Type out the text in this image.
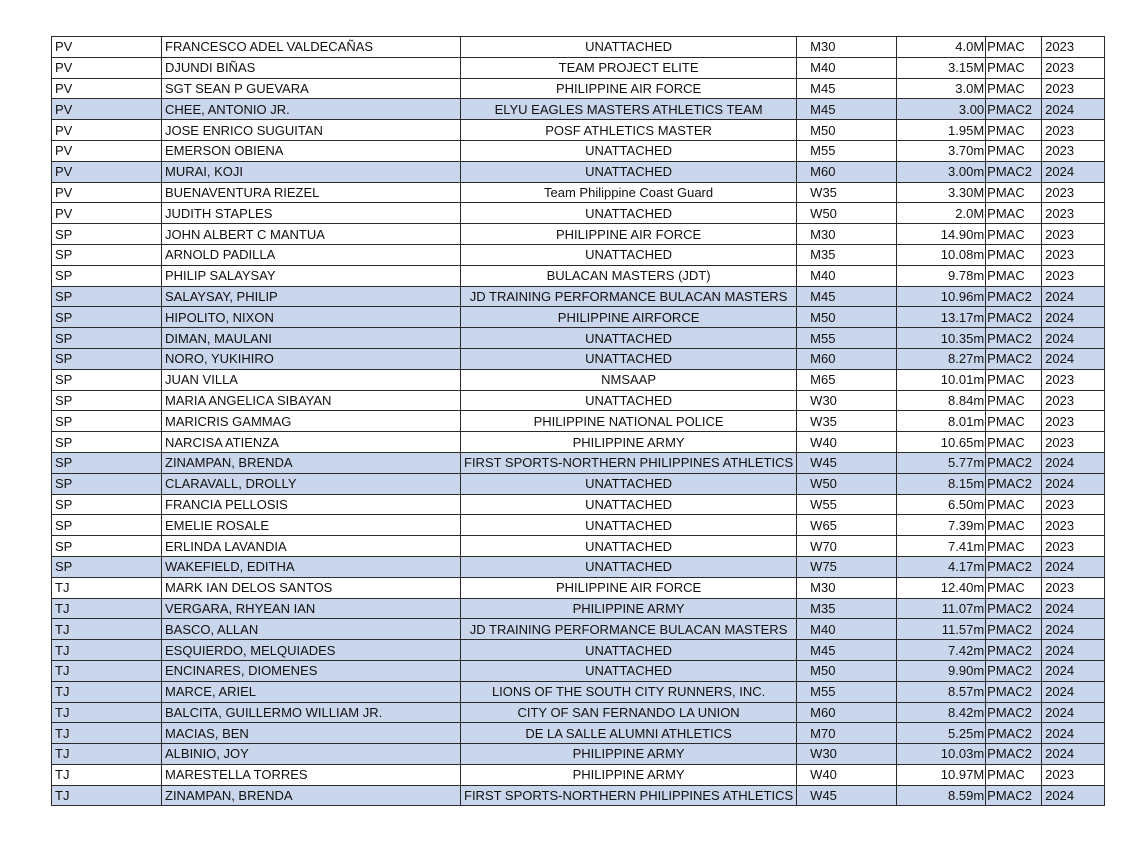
PV	FRANCESCO ADEL VALDECAÑAS	UNATTACHED	M30	4.0M	PMAC	2023
PV	DJUNDI BIÑAS	TEAM PROJECT ELITE	M40	3.15M	PMAC	2023
PV	SGT SEAN P GUEVARA	PHILIPPINE AIR FORCE	M45	3.0M	PMAC	2023
PV	CHEE, ANTONIO JR.	ELYU EAGLES MASTERS ATHLETICS TEAM	M45	3.00	PMAC2	2024
PV	JOSE ENRICO SUGUITAN	POSF ATHLETICS MASTER	M50	1.95M	PMAC	2023
PV	EMERSON OBIENA	UNATTACHED	M55	3.70m	PMAC	2023
PV	MURAI, KOJI	UNATTACHED	M60	3.00m	PMAC2	2024
PV	BUENAVENTURA RIEZEL	Team Philippine Coast Guard	W35	3.30M	PMAC	2023
PV	JUDITH STAPLES	UNATTACHED	W50	2.0M	PMAC	2023
SP	JOHN ALBERT C MANTUA	PHILIPPINE AIR FORCE	M30	14.90m	PMAC	2023
SP	ARNOLD PADILLA	UNATTACHED	M35	10.08m	PMAC	2023
SP	PHILIP SALAYSAY	BULACAN MASTERS (JDT)	M40	9.78m	PMAC	2023
SP	SALAYSAY, PHILIP	JD TRAINING PERFORMANCE BULACAN MASTERS	M45	10.96m	PMAC2	2024
SP	HIPOLITO, NIXON	PHILIPPINE AIRFORCE	M50	13.17m	PMAC2	2024
SP	DIMAN, MAULANI	UNATTACHED	M55	10.35m	PMAC2	2024
SP	NORO, YUKIHIRO	UNATTACHED	M60	8.27m	PMAC2	2024
SP	JUAN VILLA	NMSAAP	M65	10.01m	PMAC	2023
SP	MARIA ANGELICA SIBAYAN	UNATTACHED	W30	8.84m	PMAC	2023
SP	MARICRIS GAMMAG	PHILIPPINE NATIONAL POLICE	W35	8.01m	PMAC	2023
SP	NARCISA ATIENZA	PHILIPPINE ARMY	W40	10.65m	PMAC	2023
SP	ZINAMPAN, BRENDA	FIRST SPORTS-NORTHERN PHILIPPINES ATHLETICS	W45	5.77m	PMAC2	2024
SP	CLARAVALL, DROLLY	UNATTACHED	W50	8.15m	PMAC2	2024
SP	FRANCIA PELLOSIS	UNATTACHED	W55	6.50m	PMAC	2023
SP	EMELIE ROSALE	UNATTACHED	W65	7.39m	PMAC	2023
SP	ERLINDA LAVANDIA	UNATTACHED	W70	7.41m	PMAC	2023
SP	WAKEFIELD, EDITHA	UNATTACHED	W75	4.17m	PMAC2	2024
TJ	MARK IAN DELOS SANTOS	PHILIPPINE AIR FORCE	M30	12.40m	PMAC	2023
TJ	VERGARA, RHYEAN IAN	PHILIPPINE ARMY	M35	11.07m	PMAC2	2024
TJ	BASCO, ALLAN	JD TRAINING PERFORMANCE BULACAN MASTERS	M40	11.57m	PMAC2	2024
TJ	ESQUIERDO, MELQUIADES	UNATTACHED	M45	7.42m	PMAC2	2024
TJ	ENCINARES, DIOMENES	UNATTACHED	M50	9.90m	PMAC2	2024
TJ	MARCE, ARIEL	LIONS OF THE SOUTH CITY RUNNERS, INC.	M55	8.57m	PMAC2	2024
TJ	BALCITA, GUILLERMO WILLIAM JR.	CITY OF SAN FERNANDO LA UNION	M60	8.42m	PMAC2	2024
TJ	MACIAS, BEN	DE LA SALLE ALUMNI ATHLETICS	M70	5.25m	PMAC2	2024
TJ	ALBINIO, JOY	PHILIPPINE ARMY	W30	10.03m	PMAC2	2024
TJ	MARESTELLA TORRES	PHILIPPINE ARMY	W40	10.97M	PMAC	2023
TJ	ZINAMPAN, BRENDA	FIRST SPORTS-NORTHERN PHILIPPINES ATHLETICS	W45	8.59m	PMAC2	2024
